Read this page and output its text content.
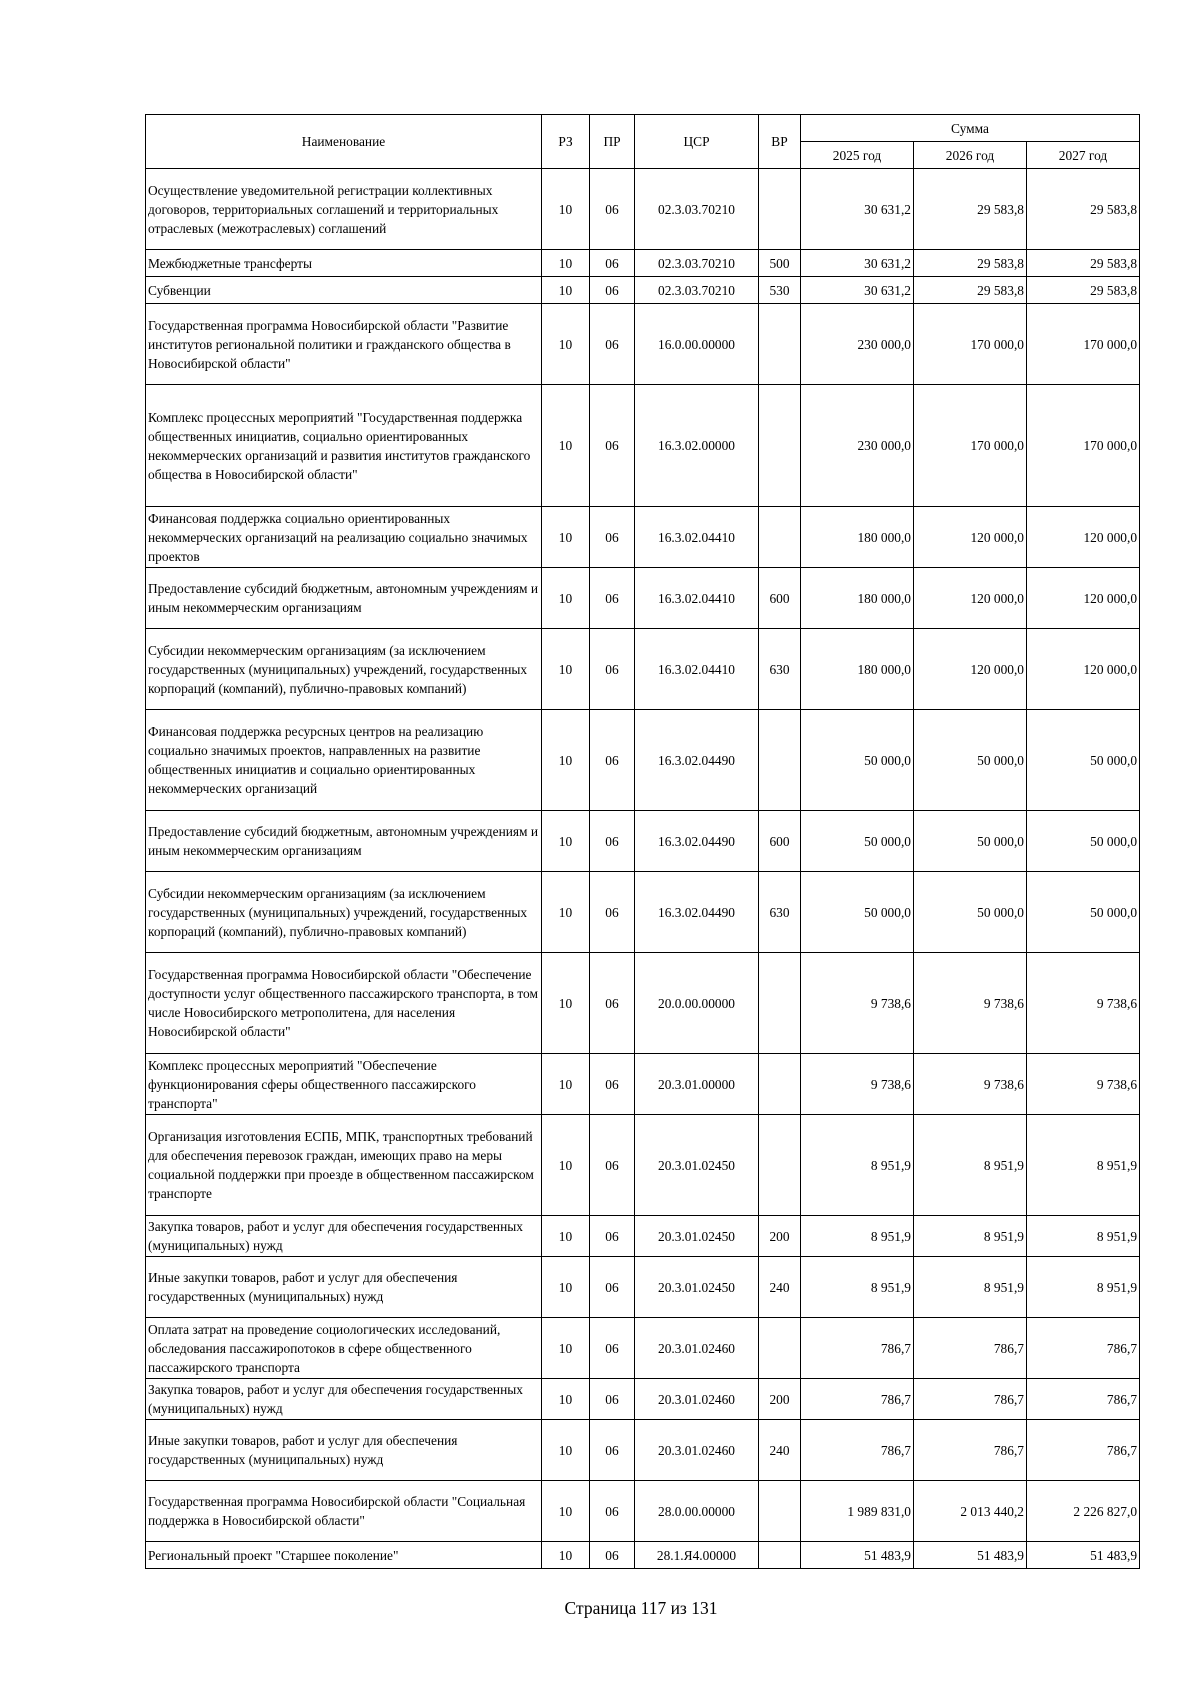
Наименование	РЗ	ПР	ЦСР	ВР	Сумма		
					2025 год	2026 год	2027 год
Осуществление уведомительной регистрации коллективных договоров, территориальных соглашений и территориальных отраслевых (межотраслевых) соглашений	10	06	02.3.03.70210		30 631,2	29 583,8	29 583,8
Межбюджетные трансферты	10	06	02.3.03.70210	500	30 631,2	29 583,8	29 583,8
Субвенции	10	06	02.3.03.70210	530	30 631,2	29 583,8	29 583,8
Государственная программа Новосибирской области "Развитие институтов региональной политики и гражданского общества в Новосибирской области"	10	06	16.0.00.00000		230 000,0	170 000,0	170 000,0
Комплекс процессных мероприятий "Государственная поддержка общественных инициатив, социально ориентированных некоммерческих организаций и развития институтов гражданского общества в Новосибирской области"	10	06	16.3.02.00000		230 000,0	170 000,0	170 000,0
Финансовая поддержка социально ориентированных некоммерческих организаций на реализацию социально значимых проектов	10	06	16.3.02.04410		180 000,0	120 000,0	120 000,0
Предоставление субсидий бюджетным, автономным учреждениям и иным некоммерческим организациям	10	06	16.3.02.04410	600	180 000,0	120 000,0	120 000,0
Субсидии некоммерческим организациям (за исключением государственных (муниципальных) учреждений, государственных корпораций (компаний), публично-правовых компаний)	10	06	16.3.02.04410	630	180 000,0	120 000,0	120 000,0
Финансовая поддержка ресурсных центров на реализацию социально значимых проектов, направленных на развитие общественных инициатив и социально ориентированных некоммерческих организаций	10	06	16.3.02.04490		50 000,0	50 000,0	50 000,0
Предоставление субсидий бюджетным, автономным учреждениям и иным некоммерческим организациям	10	06	16.3.02.04490	600	50 000,0	50 000,0	50 000,0
Субсидии некоммерческим организациям (за исключением государственных (муниципальных) учреждений, государственных корпораций (компаний), публично-правовых компаний)	10	06	16.3.02.04490	630	50 000,0	50 000,0	50 000,0
Государственная программа Новосибирской области "Обеспечение доступности услуг общественного пассажирского транспорта, в том числе Новосибирского метрополитена, для населения Новосибирской области"	10	06	20.0.00.00000		9 738,6	9 738,6	9 738,6
Комплекс процессных мероприятий "Обеспечение функционирования сферы общественного пассажирского транспорта"	10	06	20.3.01.00000		9 738,6	9 738,6	9 738,6
Организация изготовления ЕСПБ, МПК, транспортных требований для обеспечения перевозок граждан, имеющих право на меры социальной поддержки при проезде в общественном пассажирском транспорте	10	06	20.3.01.02450		8 951,9	8 951,9	8 951,9
Закупка товаров, работ и услуг для обеспечения государственных (муниципальных) нужд	10	06	20.3.01.02450	200	8 951,9	8 951,9	8 951,9
Иные закупки товаров, работ и услуг для обеспечения государственных (муниципальных) нужд	10	06	20.3.01.02450	240	8 951,9	8 951,9	8 951,9
Оплата затрат на проведение социологических исследований, обследования пассажиропотоков в сфере общественного пассажирского транспорта	10	06	20.3.01.02460		786,7	786,7	786,7
Закупка товаров, работ и услуг для обеспечения государственных (муниципальных) нужд	10	06	20.3.01.02460	200	786,7	786,7	786,7
Иные закупки товаров, работ и услуг для обеспечения государственных (муниципальных) нужд	10	06	20.3.01.02460	240	786,7	786,7	786,7
Государственная программа Новосибирской области "Социальная поддержка в Новосибирской области"	10	06	28.0.00.00000		1 989 831,0	2 013 440,2	2 226 827,0
Региональный проект "Старшее поколение"	10	06	28.1.Я4.00000		51 483,9	51 483,9	51 483,9
Страница 117 из 131
